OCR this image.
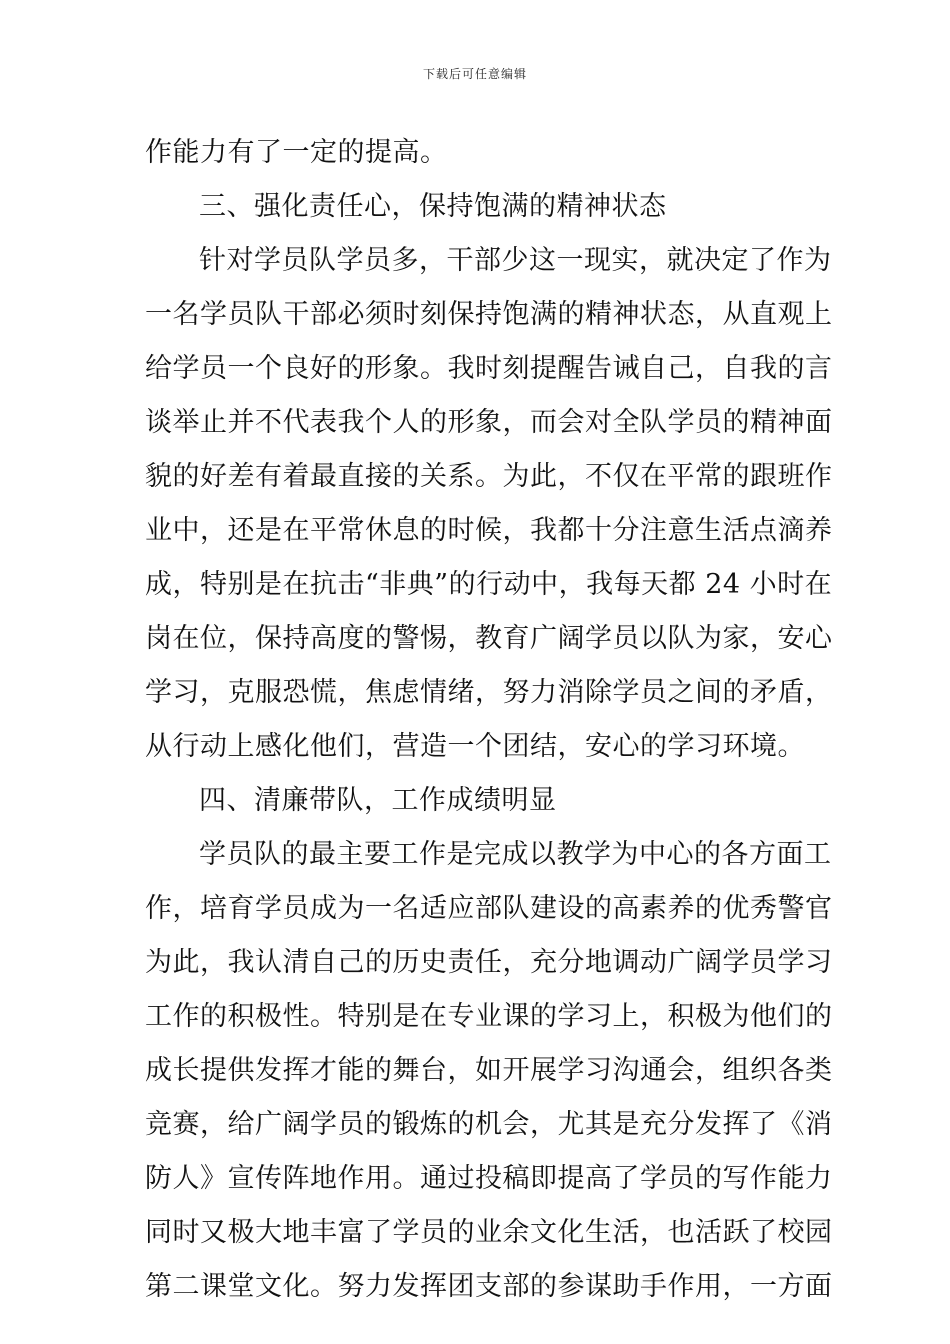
下载后可任意编辑
作能力有了一定的提高。
三、强化责任心，保持饱满的精神状态
针对学员队学员多，干部少这一现实，就决定了作为
一名学员队干部必须时刻保持饱满的精神状态，从直观上
给学员一个良好的形象。我时刻提醒告诫自己，自我的言
谈举止并不代表我个人的形象，而会对全队学员的精神面
貌的好差有着最直接的关系。为此，不仅在平常的跟班作
业中，还是在平常休息的时候，我都十分注意生活点滴养
成，特别是在抗击“非典”的行动中，我每天都 24 小时在
岗在位，保持高度的警惕，教育广阔学员以队为家，安心
学习，克服恐慌，焦虑情绪，努力消除学员之间的矛盾，
从行动上感化他们，营造一个团结，安心的学习环境。
四、清廉带队，工作成绩明显
学员队的最主要工作是完成以教学为中心的各方面工
作，培育学员成为一名适应部队建设的高素养的优秀警官
为此，我认清自己的历史责任，充分地调动广阔学员学习
工作的积极性。特别是在专业课的学习上，积极为他们的
成长提供发挥才能的舞台，如开展学习沟通会，组织各类
竞赛，给广阔学员的锻炼的机会，尤其是充分发挥了《消
防人》宣传阵地作用。通过投稿即提高了学员的写作能力
同时又极大地丰富了学员的业余文化生活，也活跃了校园
第二课堂文化。努力发挥团支部的参谋助手作用，一方面
